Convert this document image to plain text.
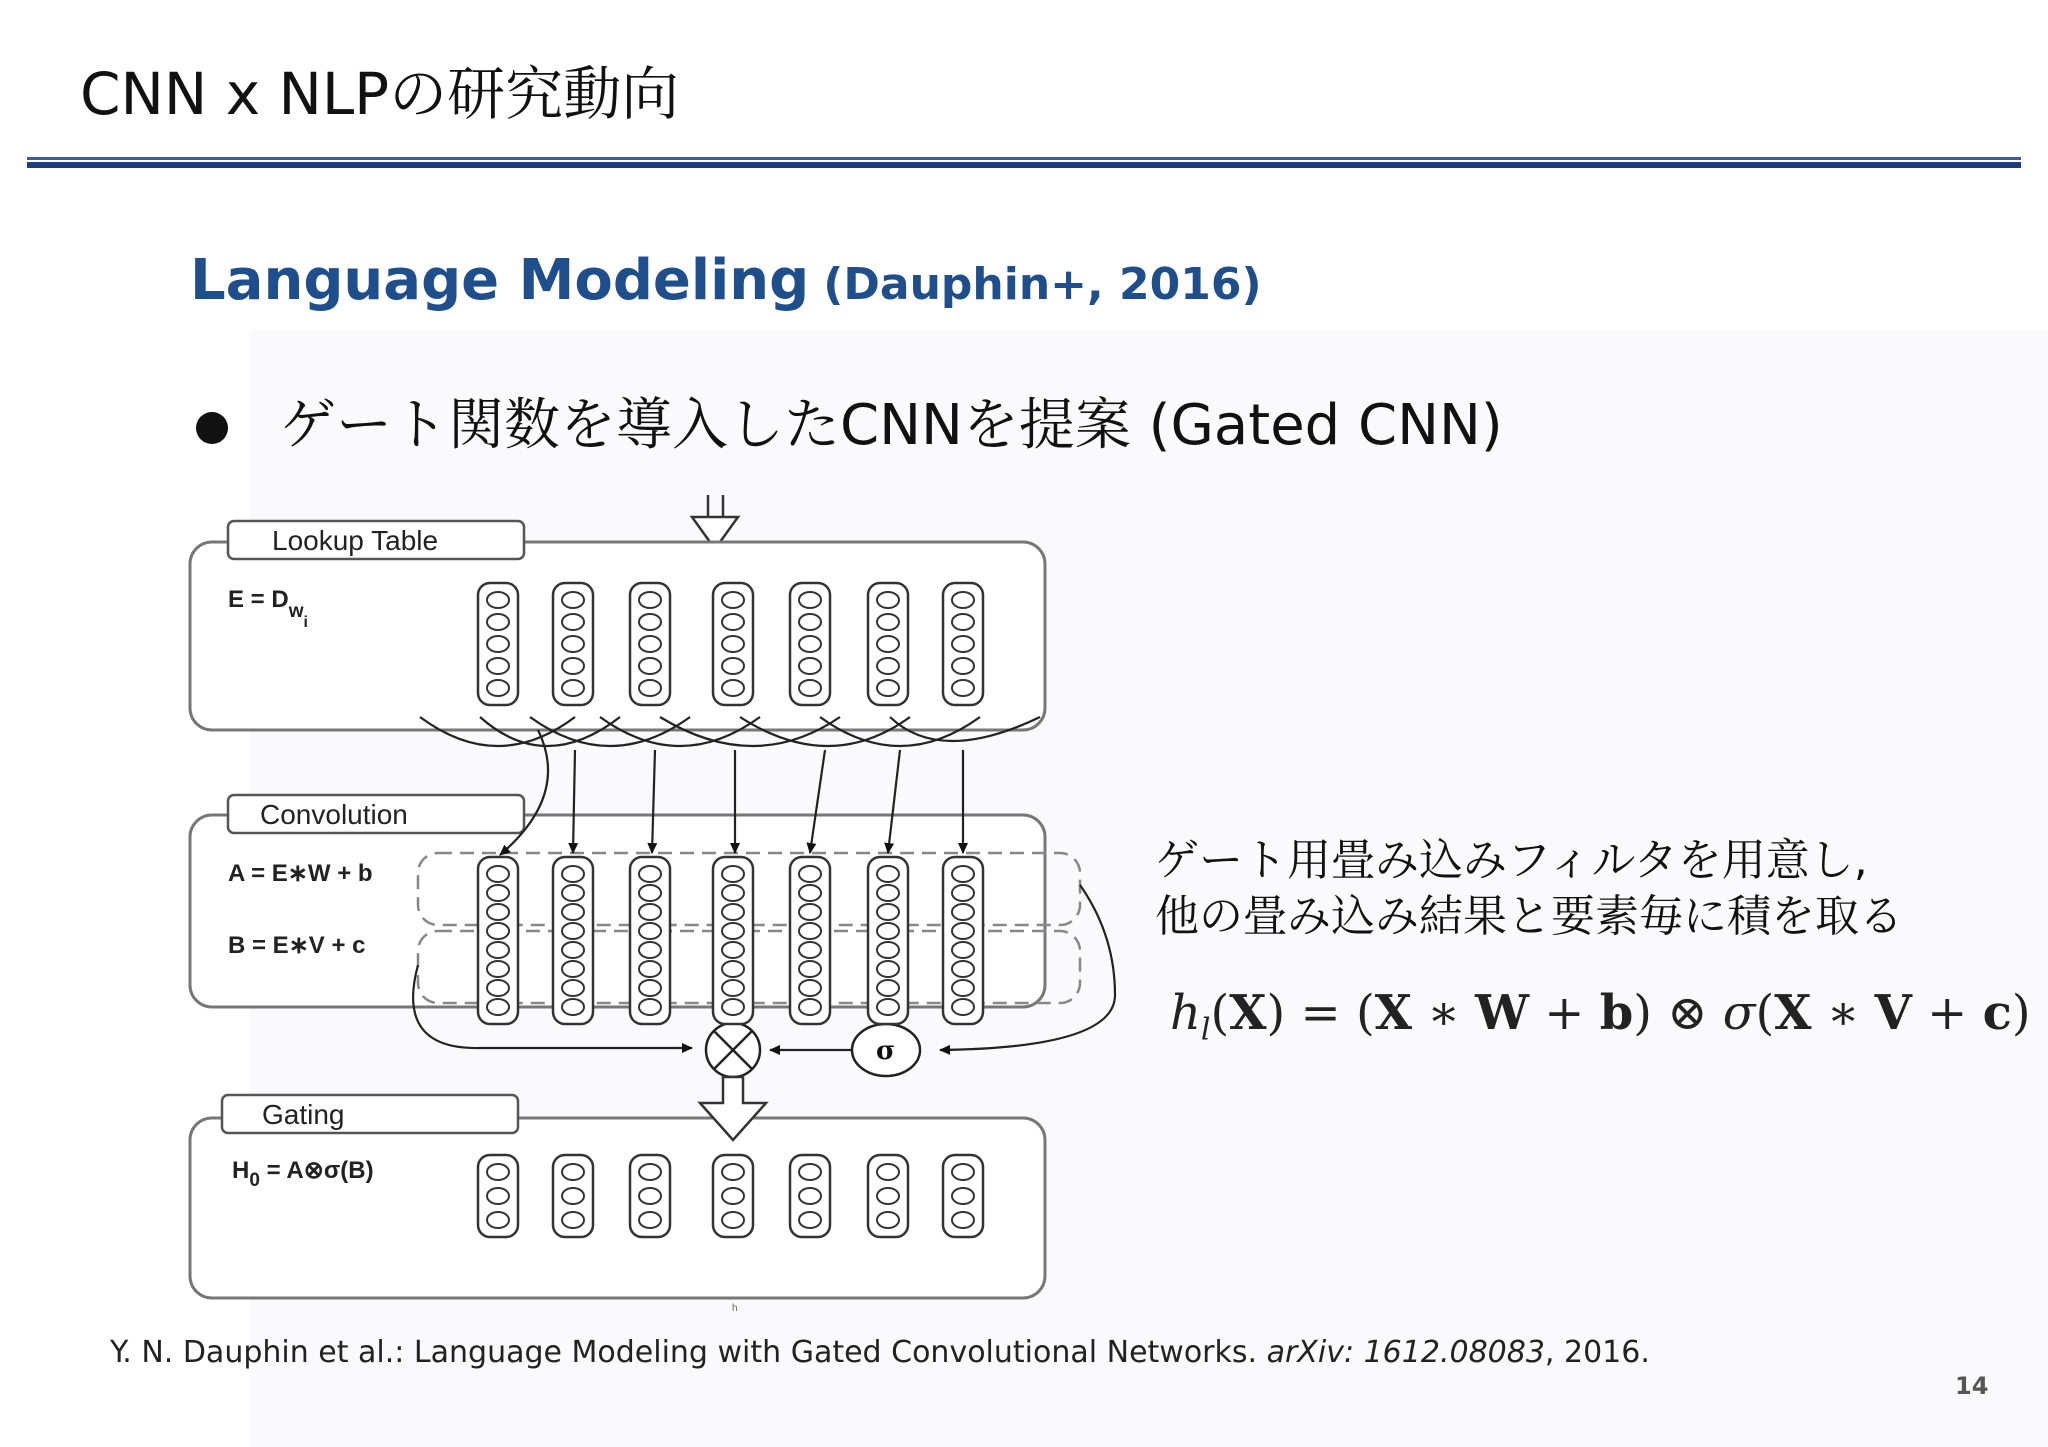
CNN x NLPの研究動向
Language Modeling (Dauphin+, 2016)
ゲート関数を導入したCNNを提案 (Gated CNN)
Lookup Table
$E = D_{wi}$
Convolution
A = E∗W + b
B = E∗V + c
Gating
$H_0$ = A⊗σ(B)
σ
h
ゲート用畳み込みフィルタを用意し,
他の畳み込み結果と要素毎に積を取る
$h_l(X) = (X$ ∗ W + b) ⊗ σ(X ∗ V + c)
Y. N. Dauphin et al.: Language Modeling with Gated Convolutional Networks. arXiv: 1612.08083, 2016.
14
